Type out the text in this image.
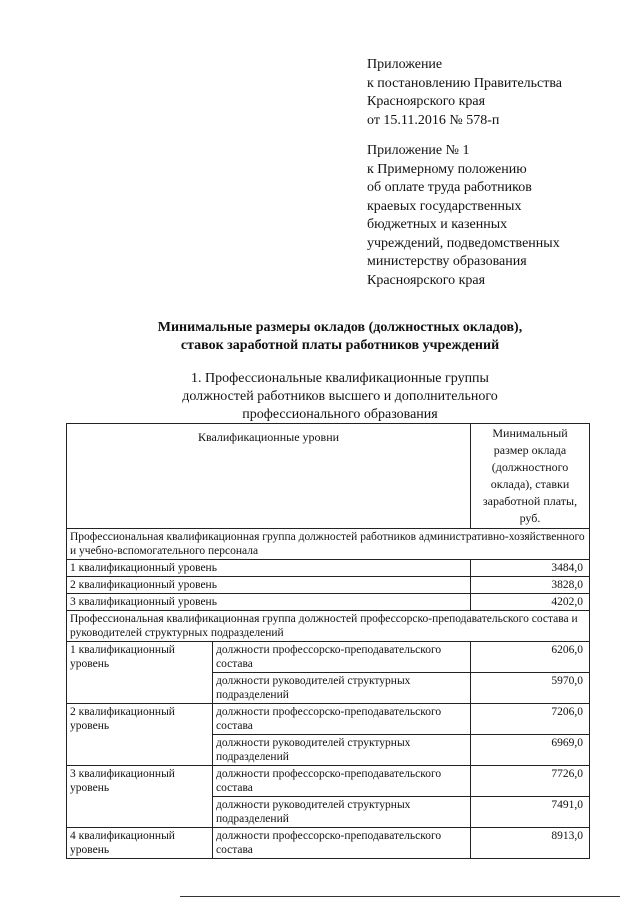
Приложение
к постановлению Правительства
Красноярского края
от 15.11.2016 № 578-п
Приложение № 1
к Примерному положению
об оплате труда работников
краевых государственных
бюджетных и казенных
учреждений, подведомственных
министерству образования
Красноярского края
Минимальные размеры окладов (должностных окладов),
ставок заработной платы работников учреждений
1. Профессиональные квалификационные группы
должностей работников высшего и дополнительного
профессионального образования
Квалификационные уровни		Минимальный размер оклада (должностного оклада), ставки заработной платы, руб.
Профессиональная квалификационная группа должностей работников административно-хозяйственного и учебно-вспомогательного персонала		
1 квалификационный уровень		3484,0
2 квалификационный уровень		3828,0
3 квалификационный уровень		4202,0
Профессиональная квалификационная группа должностей профессорско-преподавательского состава и руководителей структурных подразделений		
1 квалификационный уровень	должности профессорско-преподавательского состава	6206,0
	должности руководителей структурных подразделений	5970,0
2 квалификационный уровень	должности профессорско-преподавательского состава	7206,0
	должности руководителей структурных подразделений	6969,0
3 квалификационный уровень	должности профессорско-преподавательского состава	7726,0
	должности руководителей структурных подразделений	7491,0
4 квалификационный уровень	должности профессорско-преподавательского состава	8913,0
